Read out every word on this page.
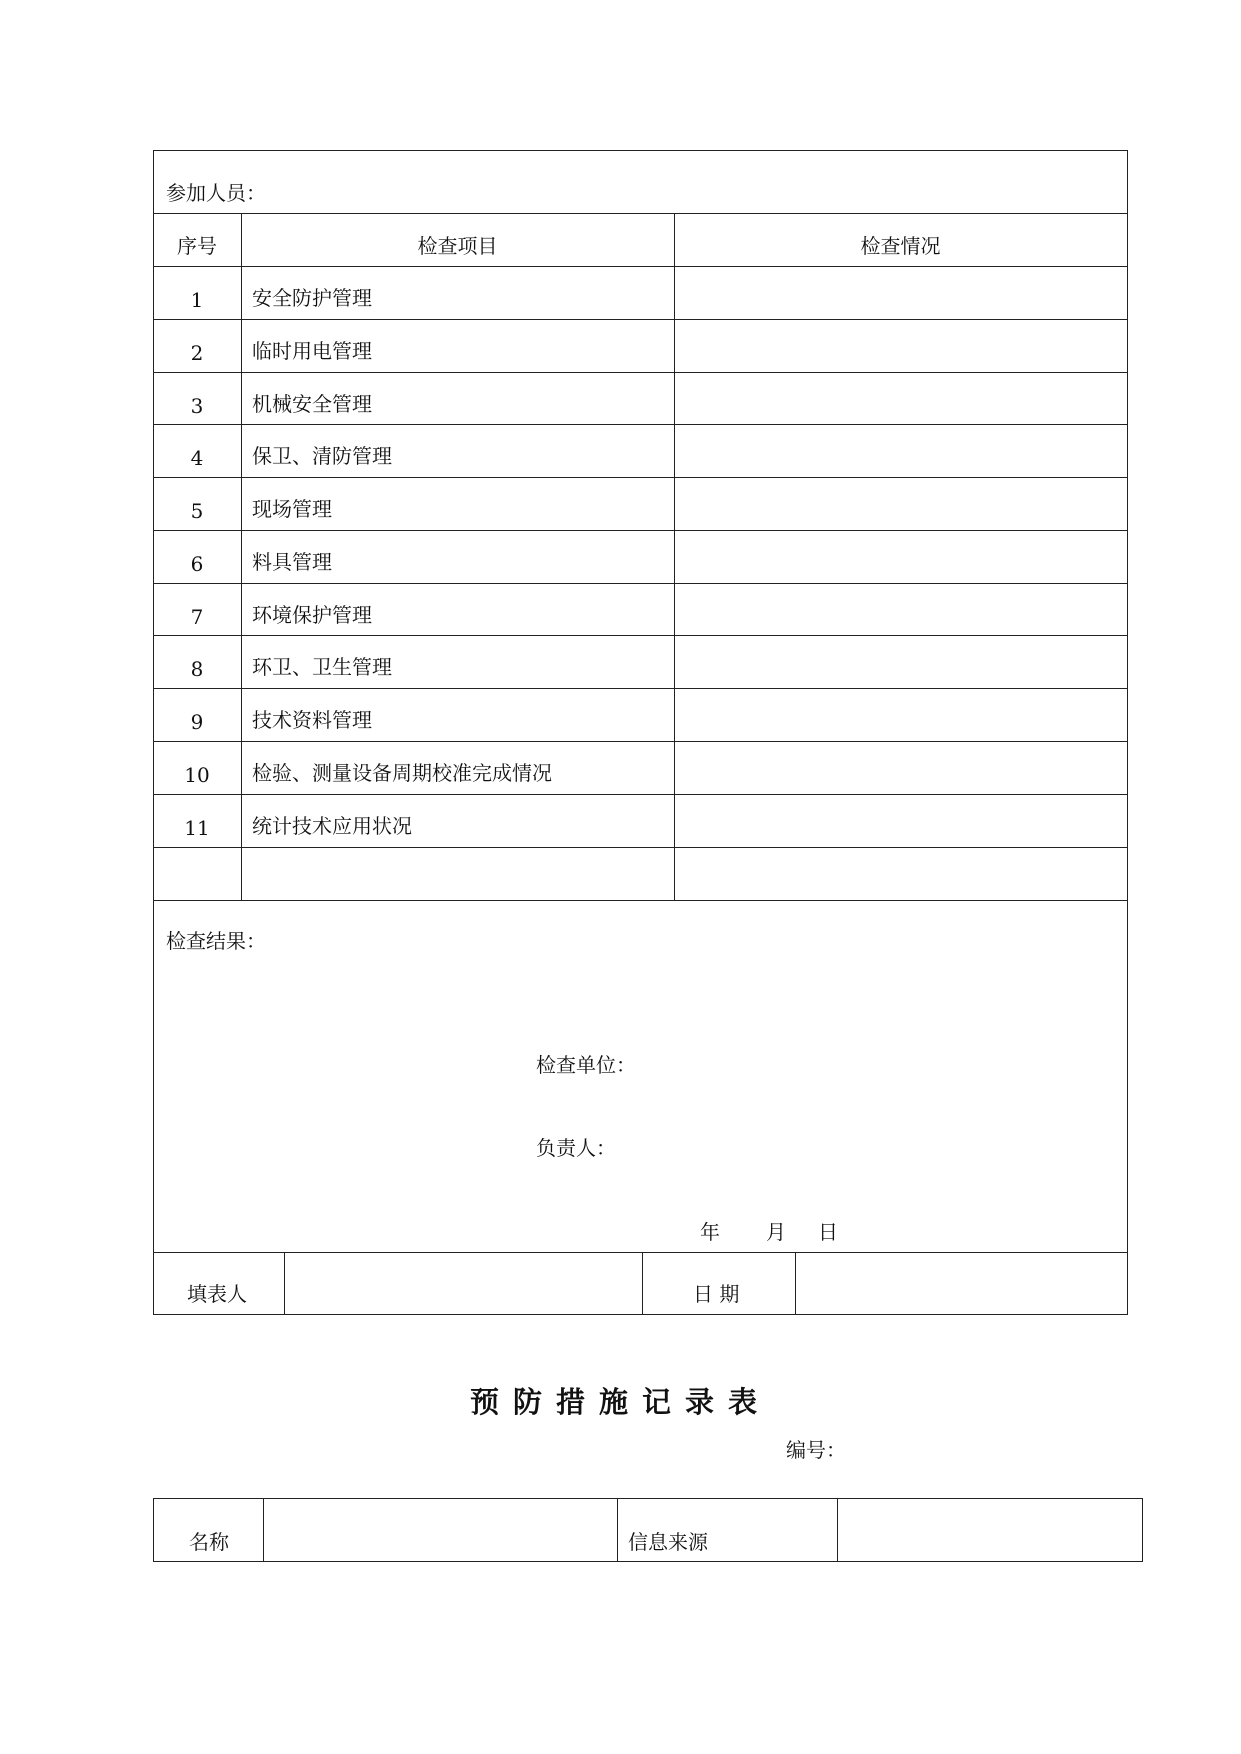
参加人员：
序号	检查项目	检查情况
1	安全防护管理
2	临时用电管理
3	机械安全管理
4	保卫、清防管理
5	现场管理
6	料具管理
7	环境保护管理
8	环卫、卫生管理
9	技术资料管理
10	检验、测量设备周期校准完成情况
11	统计技术应用状况
检查结果：
检查单位：
负责人：
年 月 日
填表人	日 期
预防措施记录表
编号：
名称	信息来源
